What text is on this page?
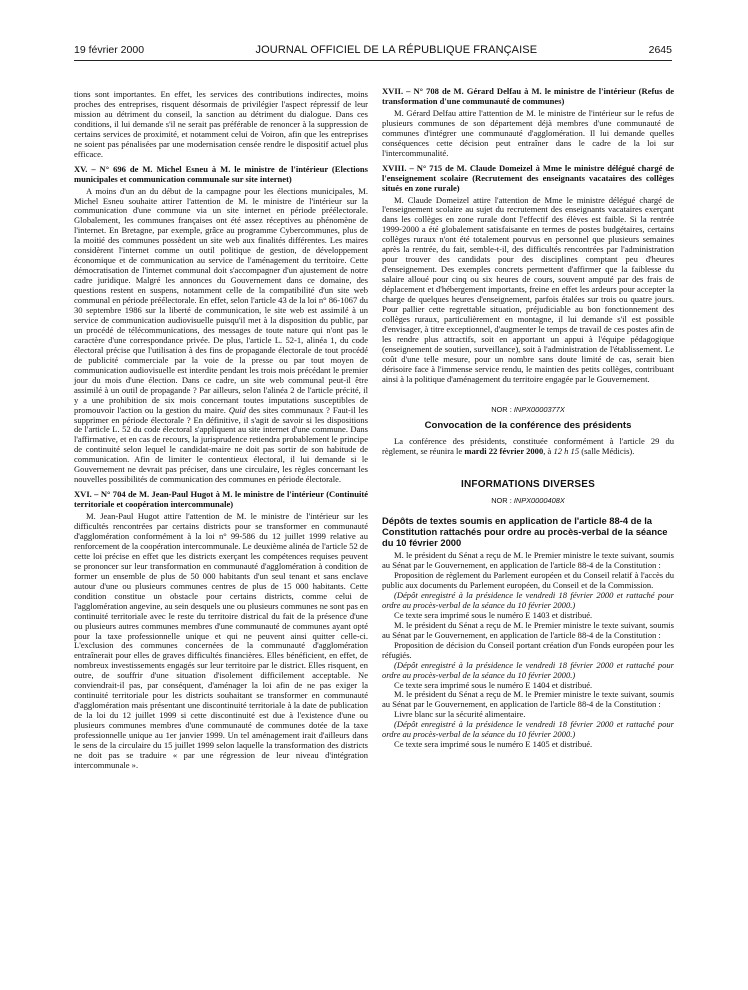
19 février 2000	JOURNAL OFFICIEL DE LA RÉPUBLIQUE FRANÇAISE	2645

tions sont importantes. En effet, les services des contributions indirectes, moins proches des entreprises, risquent désormais de privilégier l'aspect répressif de leur mission au détriment du conseil, la sanction au détriment du dialogue. Dans ces conditions, il lui demande s'il ne serait pas préférable de renoncer à la suppression de certains services de proximité, et notamment celui de Voiron, afin que les entreprises ne soient pas pénalisées par une modernisation censée rendre le dispositif actuel plus efficace.

XV. – N° 696 de M. Michel Esneu à M. le ministre de l'intérieur (Elections municipales et communication communale sur site internet)

A moins d'un an du début de la campagne pour les élections municipales, M. Michel Esneu souhaite attirer l'attention de M. le ministre de l'intérieur sur la communication d'une commune via un site internet en période préélectorale. Globalement, les communes françaises ont été assez réceptives au phénomène de l'internet. En Bretagne, par exemple, grâce au programme Cybercommunes, plus de la moitié des communes possèdent un site web aux finalités différentes. Les maires considèrent l'internet comme un outil politique de gestion, de développement économique et de communication au service de l'aménagement du territoire. Cette démocratisation de l'internet communal doit s'accompagner d'un ajustement de notre cadre juridique. Malgré les annonces du Gouvernement dans ce domaine, des questions restent en suspens, notamment celle de la compatibilité d'un site web communal en période préélectorale. En effet, selon l'article 43 de la loi n° 86-1067 du 30 septembre 1986 sur la liberté de communication, le site web est assimilé à un service de communication audiovisuelle puisqu'il met à la disposition du public, par un procédé de télécommunications, des messages de toute nature qui n'ont pas le caractère d'une correspondance privée. De plus, l'article L. 52-1, alinéa 1, du code électoral précise que l'utilisation à des fins de propagande électorale de tout procédé de publicité commerciale par la voie de la presse ou par tout moyen de communication audiovisuelle est interdite pendant les trois mois précédant le premier jour du mois d'une élection. Dans ce cadre, un site web communal peut-il être assimilé à un outil de propagande ? Par ailleurs, selon l'alinéa 2 de l'article précité, il y a une prohibition de six mois concernant toutes imputations susceptibles de promouvoir l'action ou la gestion du maire. Quid des sites communaux ? Faut-il les supprimer en période électorale ? En définitive, il s'agit de savoir si les dispositions de l'article L. 52 du code électoral s'appliquent au site internet d'une commune. Dans l'affirmative, et en cas de recours, la jurisprudence retiendra probablement le principe de continuité selon lequel le candidat-maire ne doit pas sortir de son habitude de communication. Afin de limiter le contentieux électoral, il lui demande si le Gouvernement ne devrait pas préciser, dans une circulaire, les règles concernant les nouvelles possibilités de communication des communes en période électorale.

XVI. – N° 704 de M. Jean-Paul Hugot à M. le ministre de l'intérieur (Continuité territoriale et coopération intercommunale)

M. Jean-Paul Hugot attire l'attention de M. le ministre de l'intérieur sur les difficultés rencontrées par certains districts pour se transformer en communauté d'agglomération conformément à la loi n° 99-586 du 12 juillet 1999 relative au renforcement de la coopération intercommunale. Le deuxième alinéa de l'article 52 de cette loi précise en effet que les districts exerçant les compétences requises peuvent se prononcer sur leur transformation en communauté d'agglomération à condition de former un ensemble de plus de 50 000 habitants d'un seul tenant et sans enclave autour d'une ou plusieurs communes centres de plus de 15 000 habitants. Cette condition constitue un obstacle pour certains districts, comme celui de l'agglomération angevine, au sein desquels une ou plusieurs communes ne sont pas en continuité territoriale avec le reste du territoire districal du fait de la présence d'une ou plusieurs autres communes membres d'une communauté de communes ayant opté pour la taxe professionnelle unique et qui ne peuvent ainsi quitter celle-ci. L'exclusion des communes concernées de la communauté d'agglomération entraînerait pour elles de graves difficultés financières. Elles bénéficient, en effet, de nombreux investissements engagés sur leur territoire par le district. Elles risquent, en outre, de souffrir d'une situation d'isolement difficilement acceptable. Ne conviendrait-il pas, par conséquent, d'aménager la loi afin de ne pas exiger la continuité territoriale pour les districts souhaitant se transformer en communauté d'agglomération mais présentant une discontinuité territoriale à la date de publication de la loi du 12 juillet 1999 si cette discontinuité est due à l'existence d'une ou plusieurs communes membres d'une communauté de communes dotée de la taxe professionnelle unique au 1er janvier 1999. Un tel aménagement irait d'ailleurs dans le sens de la circulaire du 15 juillet 1999 selon laquelle la transformation des districts ne doit pas se traduire « par une régression de leur niveau d'intégration intercommunale ».

XVII. – N° 708 de M. Gérard Delfau à M. le ministre de l'intérieur (Refus de transformation d'une communauté de communes)

M. Gérard Delfau attire l'attention de M. le ministre de l'intérieur sur le refus de plusieurs communes de son département déjà membres d'une communauté de communes d'intégrer une communauté d'agglomération. Il lui demande quelles conséquences cette décision peut entraîner dans le cadre de la loi sur l'intercommunalité.

XVIII. – N° 715 de M. Claude Domeizel à Mme le ministre délégué chargé de l'enseignement scolaire (Recrutement des enseignants vacataires des collèges situés en zone rurale)

M. Claude Domeizel attire l'attention de Mme le ministre délégué chargé de l'enseignement scolaire au sujet du recrutement des enseignants vacataires exerçant dans les collèges en zone rurale dont l'effectif des élèves est faible. Si la rentrée 1999-2000 a été globalement satisfaisante en termes de postes budgétaires, certains collèges ruraux n'ont été totalement pourvus en personnel que plusieurs semaines après la rentrée, du fait, semble-t-il, des difficultés rencontrées par l'administration pour trouver des candidats pour des disciplines comptant peu d'heures d'enseignement. Des exemples concrets permettent d'affirmer que la faiblesse du salaire alloué pour cinq ou six heures de cours, souvent amputé par des frais de déplacement et d'hébergement importants, freine en effet les ardeurs pour accepter la charge de quelques heures d'enseignement, parfois étalées sur trois ou quatre jours. Pour pallier cette regrettable situation, préjudiciable au bon fonctionnement des collèges ruraux, particulièrement en montagne, il lui demande s'il est possible d'envisager, à titre exceptionnel, d'augmenter le temps de travail de ces postes afin de les rendre plus attractifs, soit en apportant un appui à l'équipe pédagogique (enseignement de soutien, surveillance), soit à l'administration de l'établissement. Le coût d'une telle mesure, pour un nombre sans doute limité de cas, serait bien dérisoire face à l'immense service rendu, le maintien des petits collèges, contribuant ainsi à la politique d'aménagement du territoire engagée par le Gouvernement.

NOR : INPX0000377X

Convocation de la conférence des présidents

La conférence des présidents, constituée conformément à l'article 29 du règlement, se réunira le mardi 22 février 2000, à 12 h 15 (salle Médicis).

INFORMATIONS DIVERSES

NOR : INPX0000408X

Dépôts de textes soumis en application de l'article 88-4 de la Constitution rattachés pour ordre au procès-verbal de la séance du 10 février 2000

M. le président du Sénat a reçu de M. le Premier ministre le texte suivant, soumis au Sénat par le Gouvernement, en application de l'article 88-4 de la Constitution :

Proposition de règlement du Parlement européen et du Conseil relatif à l'accès du public aux documents du Parlement européen, du Conseil et de la Commission.

(Dépôt enregistré à la présidence le vendredi 18 février 2000 et rattaché pour ordre au procès-verbal de la séance du 10 février 2000.)

Ce texte sera imprimé sous le numéro E 1403 et distribué.

M. le président du Sénat a reçu de M. le Premier ministre le texte suivant, soumis au Sénat par le Gouvernement, en application de l'article 88-4 de la Constitution :

Proposition de décision du Conseil portant création d'un Fonds européen pour les réfugiés.

(Dépôt enregistré à la présidence le vendredi 18 février 2000 et rattaché pour ordre au procès-verbal de la séance du 10 février 2000.)

Ce texte sera imprimé sous le numéro E 1404 et distribué.

M. le président du Sénat a reçu de M. le Premier ministre le texte suivant, soumis au Sénat par le Gouvernement, en application de l'article 88-4 de la Constitution :

Livre blanc sur la sécurité alimentaire.

(Dépôt enregistré à la présidence le vendredi 18 février 2000 et rattaché pour ordre au procès-verbal de la séance du 10 février 2000.)

Ce texte sera imprimé sous le numéro E 1405 et distribué.
